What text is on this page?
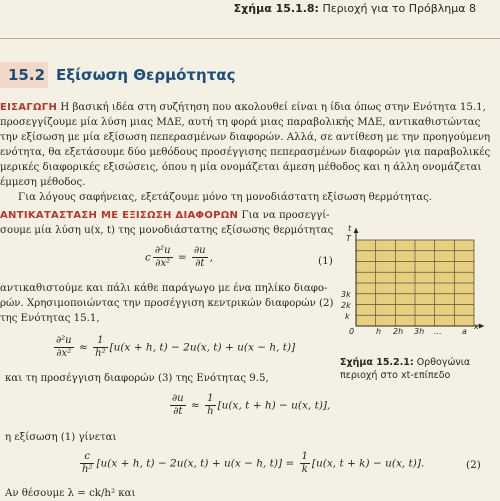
Σχήμα 15.1.8: Περιοχή για το Πρόβλημα 8

15.2 Εξίσωση Θερμότητας
ΕΙΣΑΓΩΓΗ Η βασική ιδέα στη συζήτηση που ακολουθεί είναι η ίδια όπως στην Ενότητα 15.1,
προσεγγίζουμε μία λύση μιας ΜΔΕ, αυτή τη φορά μιας παραβολικής ΜΔΕ, αντικαθιστώντας
την εξίσωση με μία εξίσωση πεπερασμένων διαφορών. Αλλά, σε αντίθεση με την προηγούμενη
ενότητα, θα εξετάσουμε δύο μεθόδους προσέγγισης πεπερασμένων διαφορών για παραβολικές
μερικές διαφορικές εξισώσεις, όπου η μία ονομάζεται άμεση μέθοδος και η άλλη ονομάζεται
έμμεση μέθοδος.
Για λόγους σαφήνειας, εξετάζουμε μόνο τη μονοδιάστατη εξίσωση θερμότητας.
ΑΝΤΙΚΑΤΑΣΤΑΣΗ ΜΕ ΕΞΙΣΩΣΗ ΔΙΑΦΟΡΩΝ Για να προσεγγί-
σουμε μία λύση u(x, t) της μονοδιάστατης εξίσωσης θερμότητας
c $\frac{\text{∂²u}}{\text{∂x²}} = \frac{\partial u}{\partial t}$ ,	(1)
αντικαθιστούμε και πάλι κάθε παράγωγο με ένα πηλίκο διαφο-
ρών. Χρησιμοποιώντας την προσέγγιση κεντρικών διαφορών (2)
της Ενότητας 15.1,
$\frac{\text{∂²u}}{\text{∂x²}} \approx \frac{1}{\text{h²}} [u(x + h$, t) − 2u(x, t) + u(x − h, t)]

και τη προσέγγιση διαφορών (3) της Ενότητας 9.5,

$\frac{\partial u}{\partial t} \approx \frac{1}{h} [u(x$, t + h) − u(x, t)],

η εξίσωση (1) γίνεται

$\frac{c}{\text{h²}} [u(x + h$, t) − 2u(x, t) + u(x − h, $t)] = \frac{1}{k} [u(x$, t + k) − u(x, t)].	(2)

Αν θέσουμε λ = ck/h² και

t
T
x
0	h 2h 3h ...	a
3k
2k
k
Σχήμα 15.2.1: Ορθογώνια
περιοχή στο xt-επίπεδο
